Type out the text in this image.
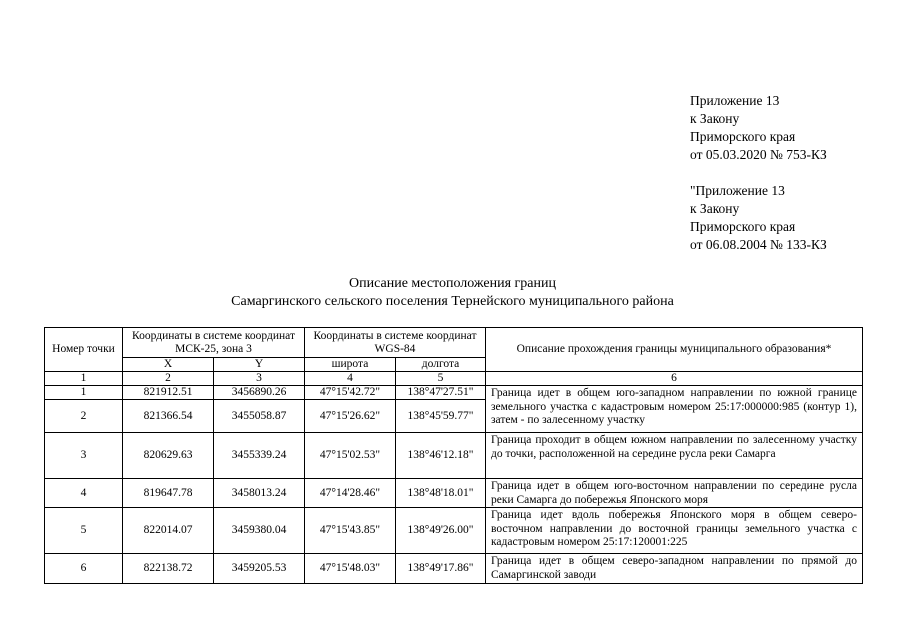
Приложение 13
к Закону
Приморского края
от 05.03.2020 № 753-КЗ
"Приложение 13
к Закону
Приморского края
от 06.08.2004 № 133-КЗ
Описание местоположения границ
Самаргинского сельского поселения Тернейского муниципального района
Номер точки	Координаты в системе координат МСК-25, зона 3		Координаты в системе координат WGS-84		Описание прохождения границы муниципального образования*
	X	Y	широта	долгота	
1	2	3	4	5	6
1	821912.51	3456890.26	47°15'42.72"	138°47'27.51"	Граница идет в общем юго-западном направлении по южной границе земельного участка с кадастровым номером 25:17:000000:985 (контур 1), затем - по залесенному участку
2	821366.54	3455058.87	47°15'26.62"	138°45'59.77"	
3	820629.63	3455339.24	47°15'02.53"	138°46'12.18"	Граница проходит в общем южном направлении по залесенному участку до точки, расположенной на середине русла реки Самарга
4	819647.78	3458013.24	47°14'28.46"	138°48'18.01"	Граница идет в общем юго-восточном направлении по середине русла реки Самарга до побережья Японского моря
5	822014.07	3459380.04	47°15'43.85"	138°49'26.00"	Граница идет вдоль побережья Японского моря в общем северо-восточном направлении до восточной границы земельного участка с кадастровым номером 25:17:120001:225
6	822138.72	3459205.53	47°15'48.03"	138°49'17.86"	Граница идет в общем северо-западном направлении по прямой до Самаргинской заводи
